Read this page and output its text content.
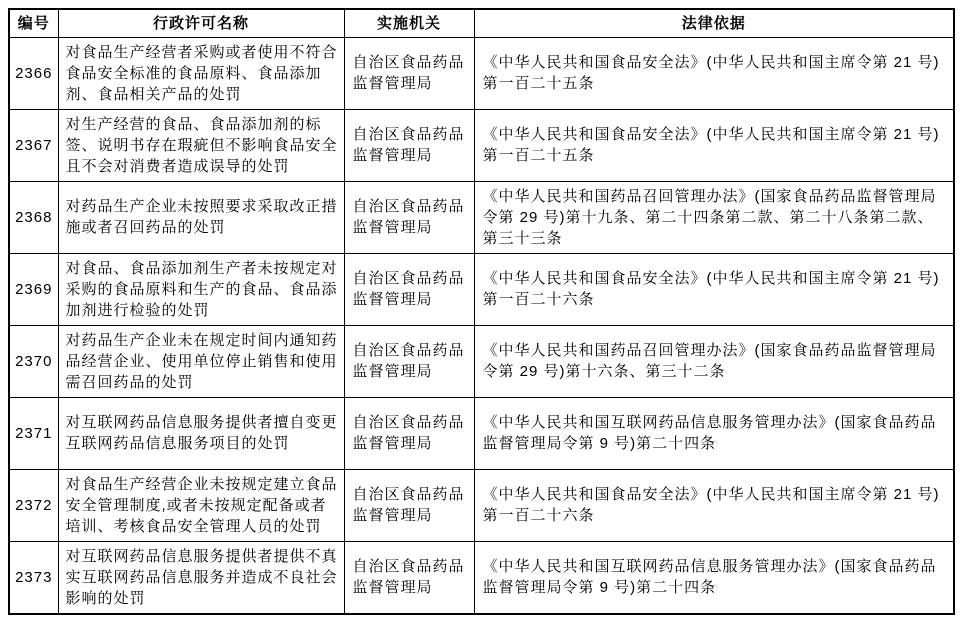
编号	行政许可名称	实施机关	法律依据
2366	对食品生产经营者采购或者使用不符合食品安全标准的食品原料、食品添加剂、食品相关产品的处罚	自治区食品药品监督管理局	《中华人民共和国食品安全法》(中华人民共和国主席令第 21 号)第一百二十五条
2367	对生产经营的食品、食品添加剂的标签、说明书存在瑕疵但不影响食品安全且不会对消费者造成误导的处罚	自治区食品药品监督管理局	《中华人民共和国食品安全法》(中华人民共和国主席令第 21 号)第一百二十五条
2368	对药品生产企业未按照要求采取改正措施或者召回药品的处罚	自治区食品药品监督管理局	《中华人民共和国药品召回管理办法》(国家食品药品监督管理局令第 29 号)第十九条、第二十四条第二款、第二十八条第二款、第三十三条
2369	对食品、食品添加剂生产者未按规定对采购的食品原料和生产的食品、食品添加剂进行检验的处罚	自治区食品药品监督管理局	《中华人民共和国食品安全法》(中华人民共和国主席令第 21 号)第一百二十六条
2370	对药品生产企业未在规定时间内通知药品经营企业、使用单位停止销售和使用需召回药品的处罚	自治区食品药品监督管理局	《中华人民共和国药品召回管理办法》(国家食品药品监督管理局令第 29 号)第十六条、第三十二条
2371	对互联网药品信息服务提供者擅自变更互联网药品信息服务项目的处罚	自治区食品药品监督管理局	《中华人民共和国互联网药品信息服务管理办法》(国家食品药品监督管理局令第 9 号)第二十四条
2372	对食品生产经营企业未按规定建立食品安全管理制度,或者未按规定配备或者培训、考核食品安全管理人员的处罚	自治区食品药品监督管理局	《中华人民共和国食品安全法》(中华人民共和国主席令第 21 号)第一百二十六条
2373	对互联网药品信息服务提供者提供不真实互联网药品信息服务并造成不良社会影响的处罚	自治区食品药品监督管理局	《中华人民共和国互联网药品信息服务管理办法》(国家食品药品监督管理局令第 9 号)第二十四条
